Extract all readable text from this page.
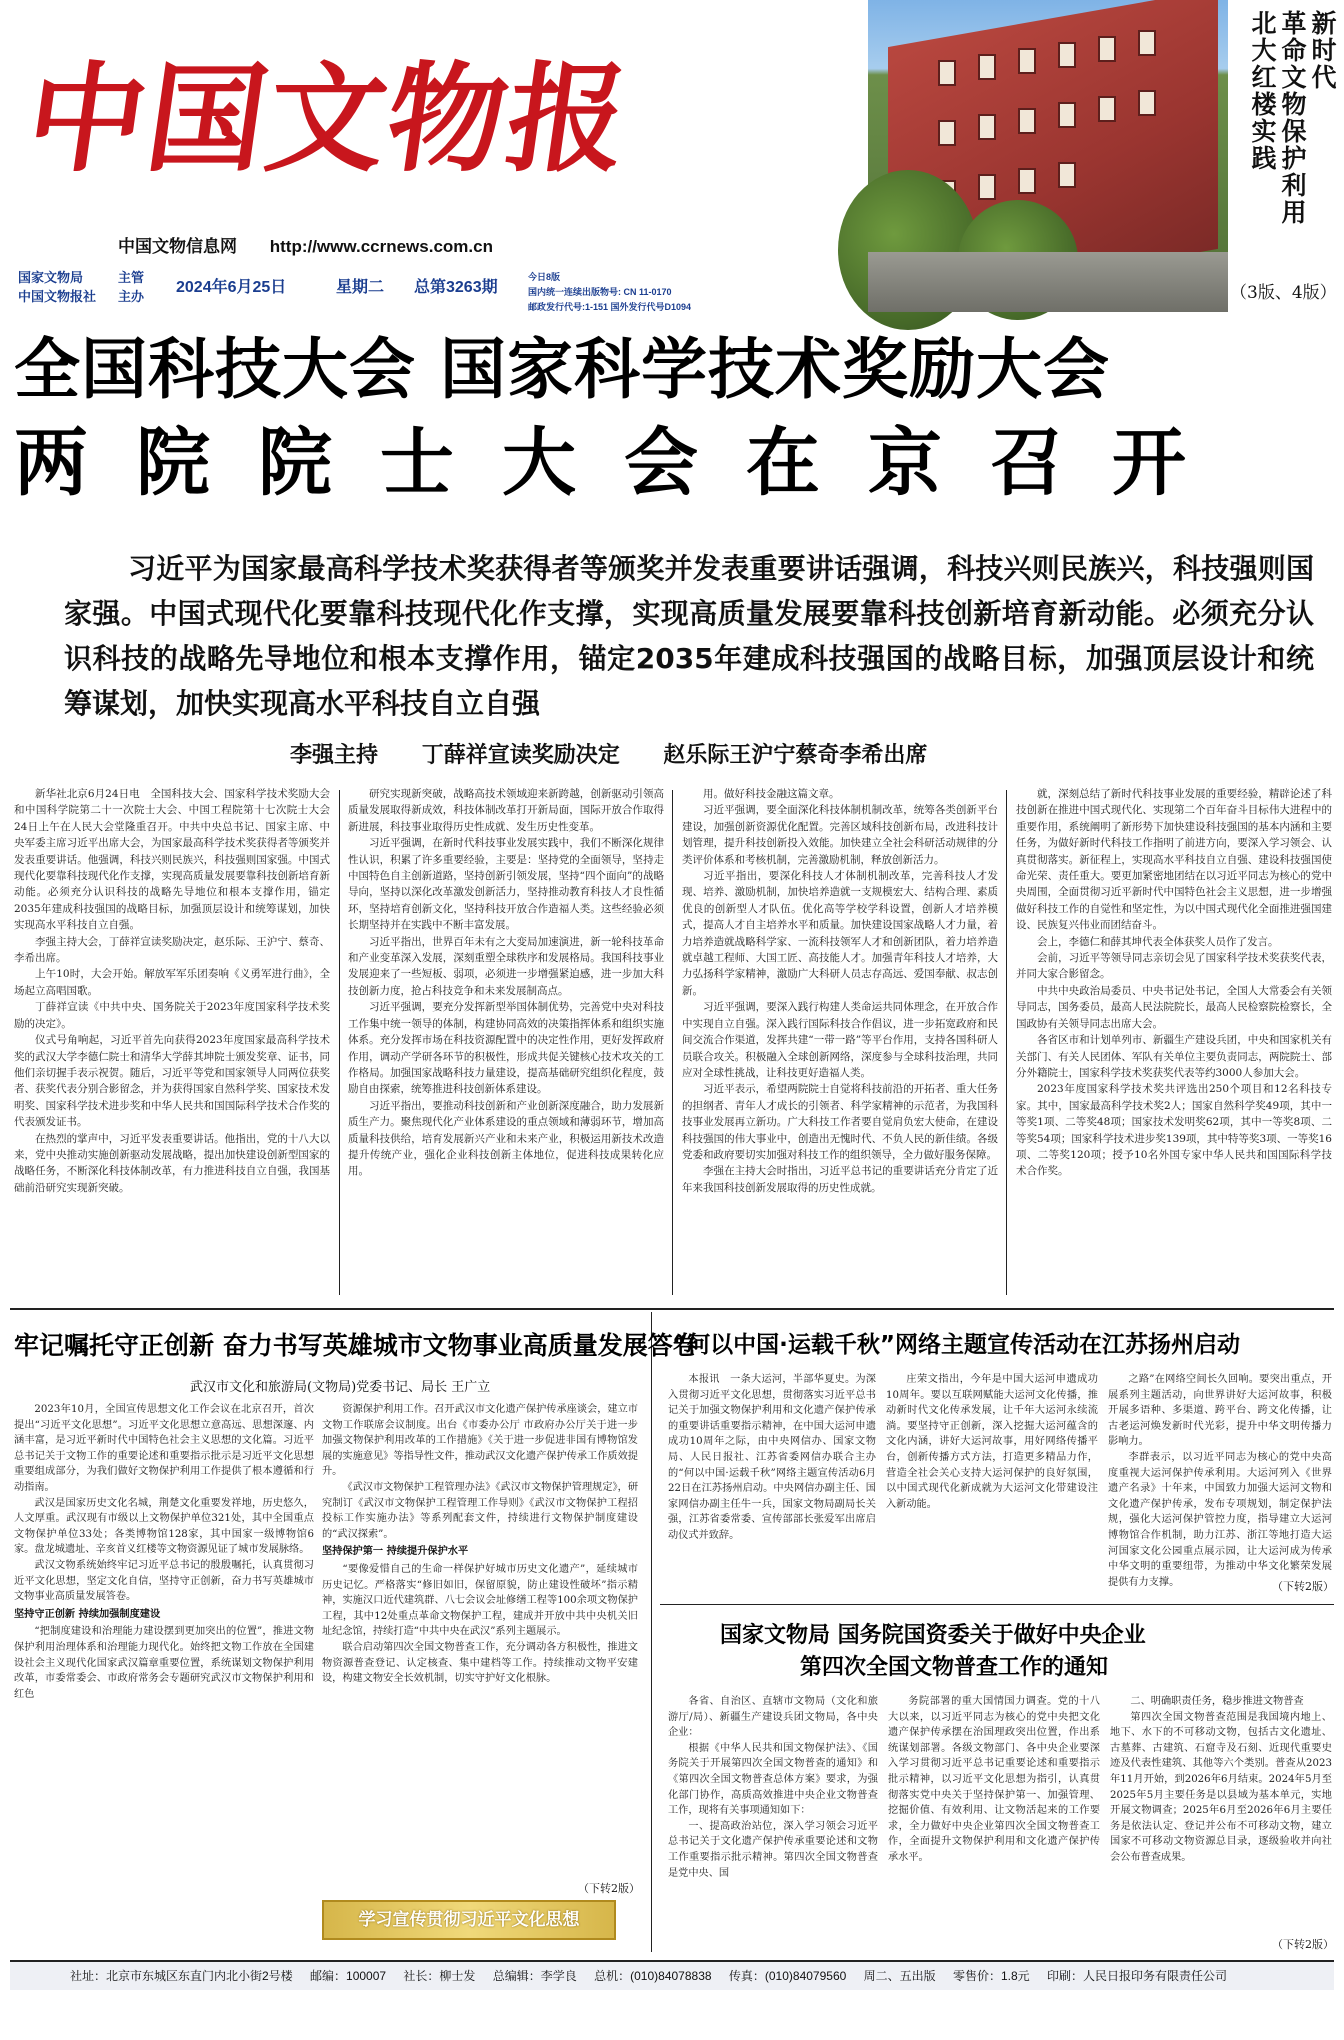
中国文物报
中国文物信息网 http://www.ccrnews.com.cn
国家文物局
中国文物报社
主管
主办
2024年6月25日	星期二 总第3263期
今日8版
国内统一连续出版物号: CN 11-0170
邮政发行代号:1-151 国外发行代号D1094
新时代
革命文物保护利用
北大红楼实践
（3版、4版）
全国科技大会 国家科学技术奖励大会
两院院士大会在京召开
习近平为国家最高科学技术奖获得者等颁奖并发表重要讲话强调，科技兴则民族兴，科技强则国家强。中国式现代化要靠科技现代化作支撑，实现高质量发展要靠科技创新培育新动能。必须充分认识科技的战略先导地位和根本支撑作用，锚定2035年建成科技强国的战略目标，加强顶层设计和统筹谋划，加快实现高水平科技自立自强
李强主持 丁薛祥宣读奖励决定 赵乐际王沪宁蔡奇李希出席

新华社北京6月24日电　全国科技大会、国家科学技术奖励大会和中国科学院第二十一次院士大会、中国工程院第十七次院士大会24日上午在人民大会堂隆重召开。中共中央总书记、国家主席、中央军委主席习近平出席大会，为国家最高科学技术奖获得者等颁奖并发表重要讲话。他强调，科技兴则民族兴，科技强则国家强。中国式现代化要靠科技现代化作支撑，实现高质量发展要靠科技创新培育新动能。必须充分认识科技的战略先导地位和根本支撑作用，锚定2035年建成科技强国的战略目标，加强顶层设计和统筹谋划，加快实现高水平科技自立自强。

李强主持大会，丁薛祥宣读奖励决定，赵乐际、王沪宁、蔡奇、李希出席。

上午10时，大会开始。解放军军乐团奏响《义勇军进行曲》，全场起立高唱国歌。

丁薛祥宣读《中共中央、国务院关于2023年度国家科学技术奖励的决定》。

仪式号角响起，习近平首先向获得2023年度国家最高科学技术奖的武汉大学李德仁院士和清华大学薛其坤院士颁发奖章、证书，同他们亲切握手表示祝贺。随后，习近平等党和国家领导人同两位获奖者、获奖代表分别合影留念，并为获得国家自然科学奖、国家技术发明奖、国家科学技术进步奖和中华人民共和国国际科学技术合作奖的代表颁发证书。

在热烈的掌声中，习近平发表重要讲话。他指出，党的十八大以来，党中央推动实施创新驱动发展战略，提出加快建设创新型国家的战略任务，不断深化科技体制改革，有力推进科技自立自强，我国基础前沿研究实现新突破。

研究实现新突破，战略高技术领域迎来新跨越，创新驱动引领高质量发展取得新成效，科技体制改革打开新局面，国际开放合作取得新进展，科技事业取得历史性成就、发生历史性变革。

习近平强调，在新时代科技事业发展实践中，我们不断深化规律性认识，积累了许多重要经验，主要是：坚持党的全面领导，坚持走中国特色自主创新道路，坚持创新引领发展，坚持“四个面向”的战略导向，坚持以深化改革激发创新活力，坚持推动教育科技人才良性循环，坚持培育创新文化，坚持科技开放合作造福人类。这些经验必须长期坚持并在实践中不断丰富发展。

习近平指出，世界百年未有之大变局加速演进，新一轮科技革命和产业变革深入发展，深刻重塑全球秩序和发展格局。我国科技事业发展迎来了一些短板、弱项，必须进一步增强紧迫感，进一步加大科技创新力度，抢占科技竞争和未来发展制高点。

习近平强调，要充分发挥新型举国体制优势，完善党中央对科技工作集中统一领导的体制，构建协同高效的决策指挥体系和组织实施体系。充分发挥市场在科技资源配置中的决定性作用，更好发挥政府作用，调动产学研各环节的积极性，形成共促关键核心技术攻关的工作格局。加强国家战略科技力量建设，提高基础研究组织化程度，鼓励自由探索，统筹推进科技创新体系建设。

习近平指出，要推动科技创新和产业创新深度融合，助力发展新质生产力。聚焦现代化产业体系建设的重点领域和薄弱环节，增加高质量科技供给，培育发展新兴产业和未来产业，积极运用新技术改造提升传统产业，强化企业科技创新主体地位，促进科技成果转化应用。

用。做好科技金融这篇文章。

习近平强调，要全面深化科技体制机制改革，统筹各类创新平台建设，加强创新资源优化配置。完善区域科技创新布局，改进科技计划管理，提升科技创新投入效能。加快建立全社会科研活动规律的分类评价体系和考核机制，完善激励机制，释放创新活力。

习近平指出，要深化科技人才体制机制改革，完善科技人才发现、培养、激励机制，加快培养造就一支规模宏大、结构合理、素质优良的创新型人才队伍。优化高等学校学科设置，创新人才培养模式，提高人才自主培养水平和质量。加快建设国家战略人才力量，着力培养造就战略科学家、一流科技领军人才和创新团队，着力培养造就卓越工程师、大国工匠、高技能人才。加强青年科技人才培养，大力弘扬科学家精神，激励广大科研人员志存高远、爱国奉献、叔志创新。

习近平强调，要深入践行构建人类命运共同体理念，在开放合作中实现自立自强。深入践行国际科技合作倡议，进一步拓宽政府和民间交流合作渠道，发挥共建“一带一路”等平台作用，支持各国科研人员联合攻关。积极融入全球创新网络，深度参与全球科技治理，共同应对全球性挑战，让科技更好造福人类。

习近平表示，希望两院院士自觉将科技前沿的开拓者、重大任务的担纲者、青年人才成长的引领者、科学家精神的示范者，为我国科技事业发展再立新功。广大科技工作者要自觉肩负宏大使命，在建设科技强国的伟大事业中，创造出无愧时代、不负人民的新佳绩。各级党委和政府要切实加强对科技工作的组织领导，全力做好服务保障。

李强在主持大会时指出，习近平总书记的重要讲话充分肯定了近年来我国科技创新发展取得的历史性成就。

就，深刻总结了新时代科技事业发展的重要经验，精辟论述了科技创新在推进中国式现代化、实现第二个百年奋斗目标伟大进程中的重要作用，系统阐明了新形势下加快建设科技强国的基本内涵和主要任务，为做好新时代科技工作指明了前进方向，要深入学习领会、认真贯彻落实。新征程上，实现高水平科技自立自强、建设科技强国使命光荣、责任重大。要更加紧密地团结在以习近平同志为核心的党中央周围，全面贯彻习近平新时代中国特色社会主义思想，进一步增强做好科技工作的自觉性和坚定性，为以中国式现代化全面推进强国建设、民族复兴伟业而团结奋斗。

会上，李德仁和薛其坤代表全体获奖人员作了发言。

会前，习近平等领导同志亲切会见了国家科学技术奖获奖代表，并同大家合影留念。

中共中央政治局委员、中央书记处书记，全国人大常委会有关领导同志，国务委员，最高人民法院院长，最高人民检察院检察长，全国政协有关领导同志出席大会。

各省区市和计划单列市、新疆生产建设兵团，中央和国家机关有关部门、有关人民团体、军队有关单位主要负责同志，两院院士、部分外籍院士，国家科学技术奖获奖代表等约3000人参加大会。

2023年度国家科学技术奖共评选出250个项目和12名科技专家。其中，国家最高科学技术奖2人；国家自然科学奖49项，其中一等奖1项、二等奖48项；国家技术发明奖62项，其中一等奖8项、二等奖54项；国家科学技术进步奖139项，其中特等奖3项、一等奖16项、二等奖120项；授予10名外国专家中华人民共和国国际科学技术合作奖。

牢记嘱托守正创新 奋力书写英雄城市文物事业高质量发展答卷
武汉市文化和旅游局(文物局)党委书记、局长 王广立

2023年10月，全国宣传思想文化工作会议在北京召开，首次提出“习近平文化思想”。习近平文化思想立意高远、思想深邃、内涵丰富，是习近平新时代中国特色社会主义思想的文化篇。习近平总书记关于文物工作的重要论述和重要指示批示是习近平文化思想重要组成部分，为我们做好文物保护利用工作提供了根本遵循和行动指南。

武汉是国家历史文化名城，荆楚文化重要发祥地，历史悠久，人文厚重。武汉现有市级以上文物保护单位321处，其中全国重点文物保护单位33处；各类博物馆128家，其中国家一级博物馆6家。盘龙城遗址、辛亥首义红楼等文物资源见证了城市发展脉络。

武汉文物系统始终牢记习近平总书记的殷殷嘱托，认真贯彻习近平文化思想，坚定文化自信，坚持守正创新，奋力书写英雄城市文物事业高质量发展答卷。

坚持守正创新 持续加强制度建设

“把制度建设和治理能力建设摆到更加突出的位置”，推进文物保护利用治理体系和治理能力现代化。始终把文物工作放在全国建设社会主义现代化国家武汉篇章重要位置，系统谋划文物保护利用改革，市委常委会、市政府常务会专题研究武汉市文物保护利用和红色

资源保护利用工作。召开武汉市文化遗产保护传承座谈会，建立市文物工作联席会议制度。出台《市委办公厅 市政府办公厅关于进一步加强文物保护利用改革的工作措施》《关于进一步促进非国有博物馆发展的实施意见》等指导性文件，推动武汉文化遗产保护传承工作质效提升。

《武汉市文物保护工程管理办法》《武汉市文物保护管理规定》，研究制订《武汉市文物保护工程管理工作导则》《武汉市文物保护工程招投标工作实施办法》等系列配套文件，持续进行文物保护制度建设的“武汉探索”。

坚持保护第一 持续提升保护水平

“要像爱惜自己的生命一样保护好城市历史文化遗产”，延续城市历史记忆。严格落实“修旧如旧，保留原貌，防止建设性破坏”指示精神，实施汉口近代建筑群、八七会议会址修缮工程等100余项文物保护工程，其中12处重点革命文物保护工程，建成并开放中共中央机关旧址纪念馆，持续打造“中共中央在武汉”系列主题展示。

联合启动第四次全国文物普查工作，充分调动各方积极性，推进文物资源普查登记、认定核查、集中建档等工作。持续推动文物平安建设，构建文物安全长效机制，切实守护好文化根脉。

（下转2版）
学习宣传贯彻习近平文化思想
“何以中国·运载千秋”网络主题宣传活动在江苏扬州启动

本报讯　一条大运河，半部华夏史。为深入贯彻习近平文化思想，贯彻落实习近平总书记关于加强文物保护利用和文化遗产保护传承的重要讲话重要指示精神，在中国大运河申遗成功10周年之际，由中央网信办、国家文物局、人民日报社、江苏省委网信办联合主办的“何以中国·运载千秋”网络主题宣传活动6月22日在江苏扬州启动。中央网信办副主任、国家网信办副主任牛一兵，国家文物局副局长关强，江苏省委常委、宣传部部长张爱军出席启动仪式并致辞。

庄荣文指出，今年是中国大运河申遗成功10周年。要以互联网赋能大运河文化传播，推动新时代文化传承发展，让千年大运河永续流淌。要坚持守正创新，深入挖掘大运河蕴含的文化内涵，讲好大运河故事，用好网络传播平台，创新传播方式方法，打造更多精品力作，营造全社会关心支持大运河保护的良好氛围，以中国式现代化新成就为大运河文化带建设注入新动能。

之路”在网络空间长久回响。要突出重点，开展系列主题活动，向世界讲好大运河故事，积极开展多语种、多渠道、跨平台、跨文化传播，让古老运河焕发新时代光彩，提升中华文明传播力影响力。

李群表示，以习近平同志为核心的党中央高度重视大运河保护传承利用。大运河列入《世界遗产名录》十年来，中国致力加强大运河文物和文化遗产保护传承，发布专项规划，制定保护法规，强化大运河保护管控力度，指导建立大运河博物馆合作机制，助力江苏、浙江等地打造大运河国家文化公园重点展示园，让大运河成为传承中华文明的重要纽带，为推动中华文化繁荣发展提供有力支撑。	（下转2版）
国家文物局 国务院国资委关于做好中央企业
第四次全国文物普查工作的通知

各省、自治区、直辖市文物局（文化和旅游厅/局）、新疆生产建设兵团文物局，各中央企业：

根据《中华人民共和国文物保护法》、《国务院关于开展第四次全国文物普查的通知》和《第四次全国文物普查总体方案》要求，为强化部门协作，高质高效推进中央企业文物普查工作，现将有关事项通知如下：

一、提高政治站位，深入学习领会习近平总书记关于文化遗产保护传承重要论述和文物工作重要指示批示精神。第四次全国文物普查是党中央、国

务院部署的重大国情国力调查。党的十八大以来，以习近平同志为核心的党中央把文化遗产保护传承摆在治国理政突出位置，作出系统谋划部署。各级文物部门、各中央企业要深入学习贯彻习近平总书记重要论述和重要指示批示精神，以习近平文化思想为指引，认真贯彻落实党中央关于坚持保护第一、加强管理、挖掘价值、有效利用、让文物活起来的工作要求，全力做好中央企业第四次全国文物普查工作，全面提升文物保护利用和文化遗产保护传承水平。

二、明确职责任务，稳步推进文物普查

第四次全国文物普查范围是我国境内地上、地下、水下的不可移动文物，包括古文化遗址、古墓葬、古建筑、石窟寺及石刻、近现代重要史迹及代表性建筑、其他等六个类别。普查从2023年11月开始，到2026年6月结束。2024年5月至2025年5月主要任务是以县域为基本单元，实地开展文物调查；2025年6月至2026年6月主要任务是依法认定、登记并公布不可移动文物，建立国家不可移动文物资源总目录，逐级验收并向社会公布普查成果。

（下转2版）
社址：北京市东城区东直门内北小街2号楼 邮编：100007 社长：柳士发 总编辑：李学良 总机：(010)84078838 传真：(010)84079560 周二、五出版 零售价：1.8元 印刷：人民日报印务有限责任公司
